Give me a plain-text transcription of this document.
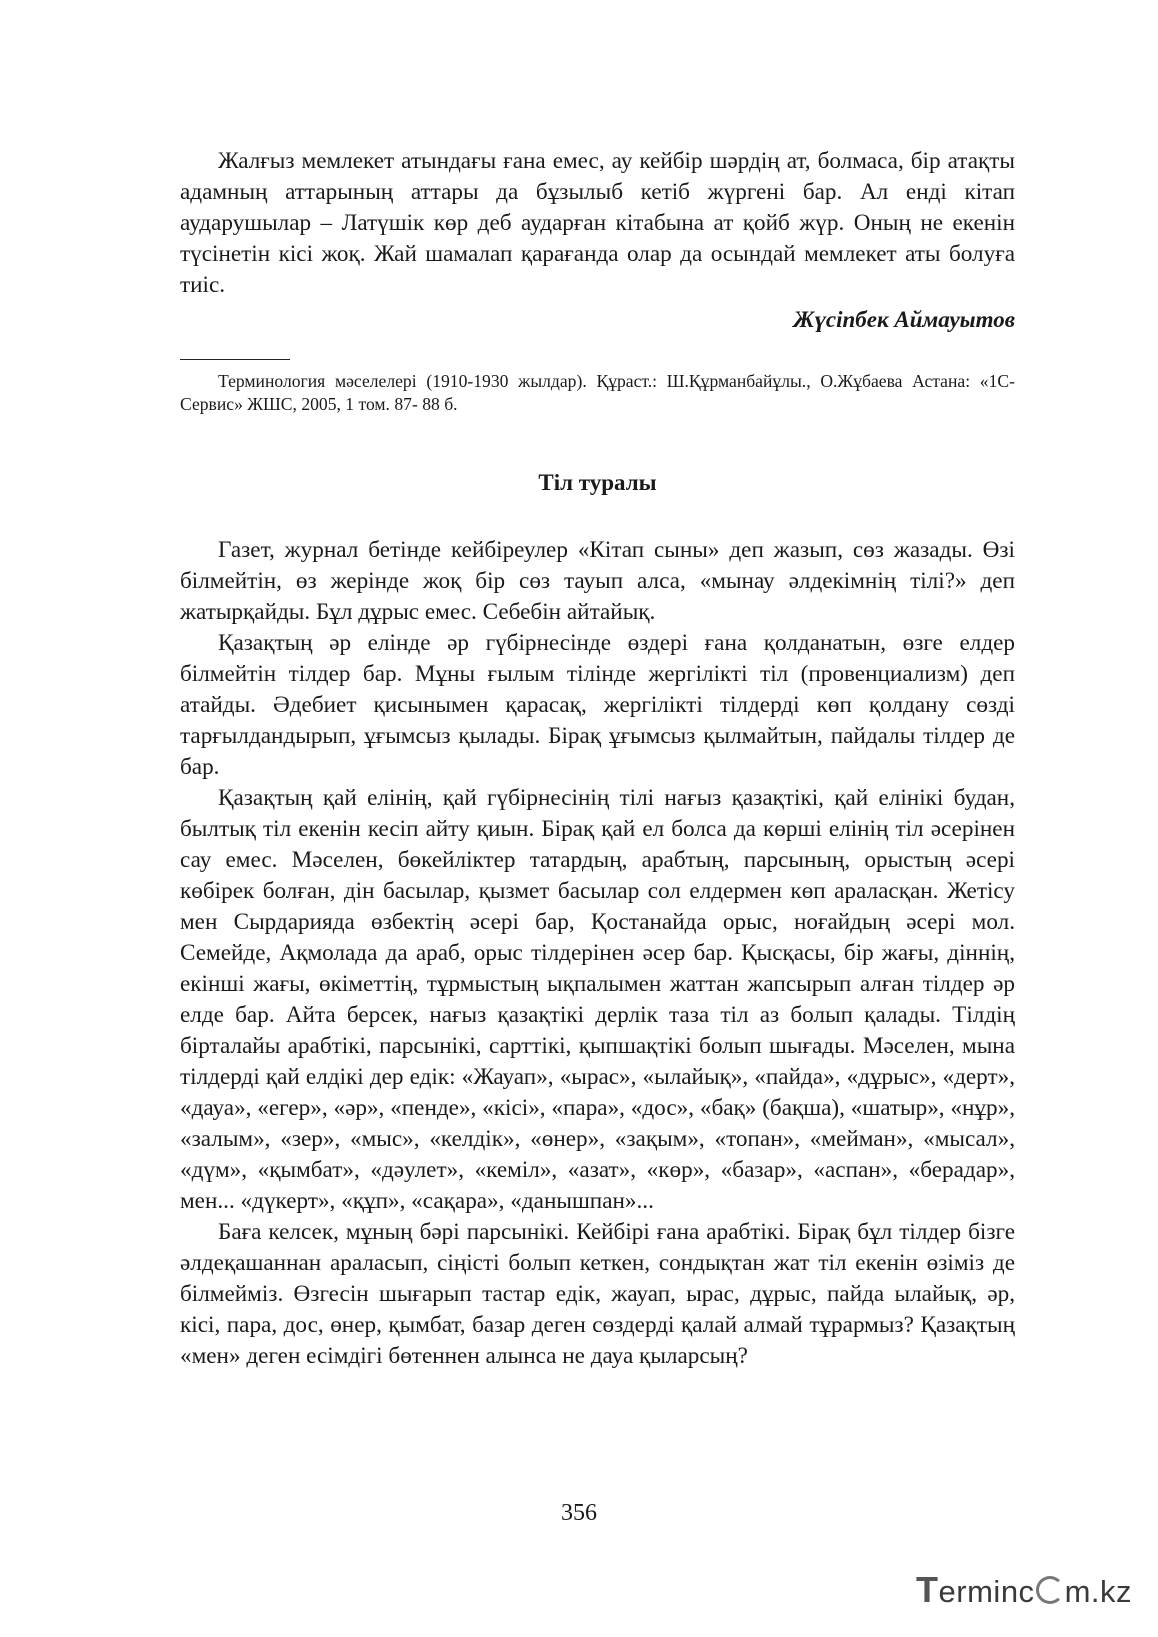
Жалғыз мемлекет атындағы ғана емес, ау кейбір шәрдің ат, болмаса, бір атақты адамның аттарының аттары да бұзылыб кетіб жүргені бар. Ал енді кітап аударушылар – Латүшік көр деб аударған кітабына ат қойб жүр. Оның не екенін түсінетін кісі жоқ. Жай шамалап қарағанда олар да осындай мемлекет аты болуға тиіс.

Жүсіпбек Аймауытов

Терминология мәселелері (1910-1930 жылдар). Құраст.: Ш.Құрманбайұлы., О.Жұбаева Астана: «1С-Сервис» ЖШС, 2005, 1 том. 87- 88 б.

Тіл туралы

Газет, журнал бетінде кейбіреулер «Кітап сыны» деп жазып, сөз жазады. Өзі білмейтін, өз жерінде жоқ бір сөз тауып алса, «мынау әлдекімнің тілі?» деп жатырқайды. Бұл дұрыс емес. Себебін айтайық.

Қазақтың әр елінде әр гүбірнесінде өздері ғана қолданатын, өзге елдер білмейтін тілдер бар. Мұны ғылым тілінде жергілікті тіл (провенциализм) деп атайды. Әдебиет қисынымен қарасақ, жергілікті тілдерді көп қолдану сөзді тарғылдандырып, ұғымсыз қылады. Бірақ ұғымсыз қылмайтын, пайдалы тілдер де бар.

Қазақтың қай елінің, қай гүбірнесінің тілі нағыз қазақтікі, қай елінікі будан, былтық тіл екенін кесіп айту қиын. Бірақ қай ел болса да көрші елінің тіл әсерінен сау емес. Мәселен, бөкейліктер татардың, арабтың, парсының, орыстың әсері көбірек болған, дін басылар, қызмет басылар сол елдермен көп араласқан. Жетісу мен Сырдарияда өзбектің әсері бар, Қостанайда орыс, ноғайдың әсері мол. Семейде, Ақмолада да араб, орыс тілдерінен әсер бар. Қысқасы, бір жағы, діннің, екінші жағы, өкіметтің, тұрмыстың ықпалымен жаттан жапсырып алған тілдер әр елде бар. Айта берсек, нағыз қазақтікі дерлік таза тіл аз болып қалады. Тілдің бірталайы арабтікі, парсынікі, сарттікі, қыпшақтікі болып шығады. Мәселен, мына тілдерді қай елдікі дер едік: «Жауап», «ырас», «ылайық», «пайда», «дұрыс», «дерт», «дауа», «егер», «әр», «пенде», «кісі», «пара», «дос», «бақ» (бақша), «шатыр», «нұр», «залым», «зер», «мыс», «келдік», «өнер», «зақым», «топан», «мейман», «мысал», «дүм», «қымбат», «дәулет», «кеміл», «азат», «көр», «базар», «аспан», «берадар», мен... «дүкерт», «құп», «сақара», «данышпан»...

Баға келсек, мұның бәрі парсынікі. Кейбірі ғана арабтікі. Бірақ бұл тілдер бізге әлдеқашаннан араласып, сіңісті болып кеткен, сондықтан жат тіл екенін өзіміз де білмейміз. Өзгесін шығарып тастар едік, жауап, ырас, дұрыс, пайда ылайық, әр, кісі, пара, дос, өнер, қымбат, базар деген сөздерді қалай алмай тұрармыз? Қазақтың «мен» деген есімдігі бөтеннен алынса не дауа қыларсың?

356
T erminc m.kz
